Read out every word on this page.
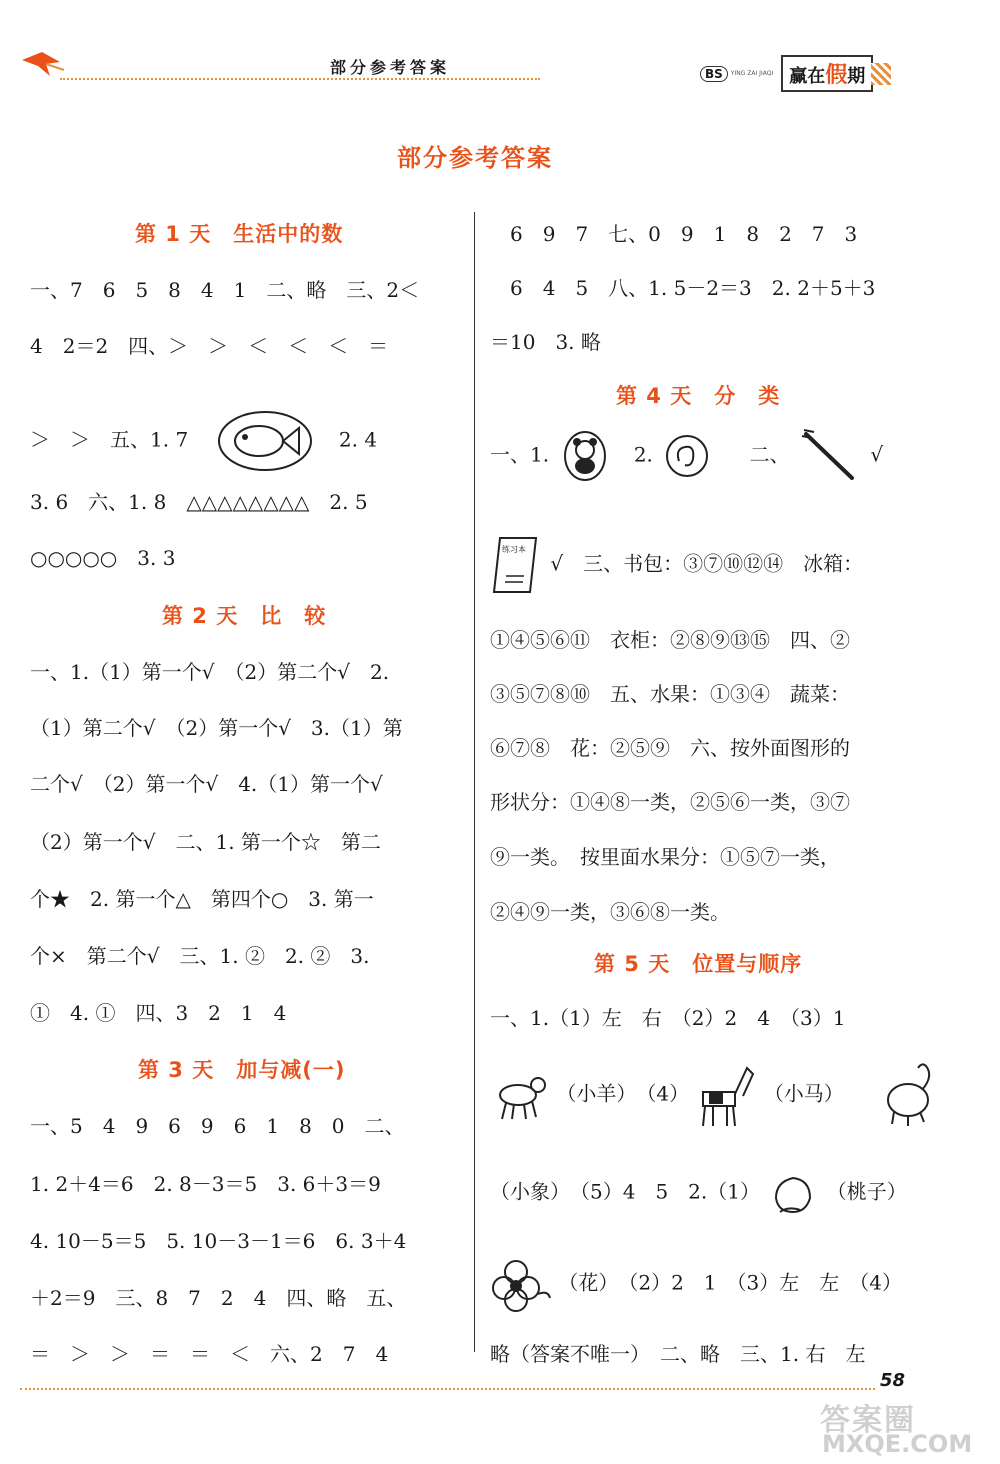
部分参考答案	BS	YING ZAI JIAQI 赢在假期
部分参考答案
第 1 天　生活中的数
一、7　6　5　8　4　1　二、略　三、2＜
4　2＝2　四、＞　＞　＜　＜　＜　＝
＞　＞　五、1. 7	2. 4
3. 6　六、1. 8　△△△△△△△△　2. 5
○○○○○　3. 3
第 2 天　比　较
一、1.（1）第一个√　（2）第二个√　2.
（1）第二个√　（2）第一个√　3.（1）第
二个√　（2）第一个√　4.（1）第一个√
（2）第一个√　二、1. 第一个☆　第二
个★　2. 第一个△　第四个○　3. 第一
个×　第二个√　三、1. ②　2. ②　3.
①　4. ①　四、3　2　1　4
第 3 天　加与减(一)
一、5　4　9　6　9　6　1　8　0　二、
1. 2＋4＝6　2. 8－3＝5　3. 6＋3＝9
4. 10－5＝5　5. 10－3－1＝6　6. 3＋4
＋2＝9　三、8　7　2　4　四、略　五、
＝　＞　＞　＝　＝　＜　六、2　7　4
6　9　7　七、0　9　1　8　2　7　3
6　4　5　八、1. 5－2＝3　2. 2＋5＋3
＝10　3. 略
第 4 天　分　类
一、1.	2.	二、	√
练习本
√　三、书包：③⑦⑩⑫⑭　冰箱：
①④⑤⑥⑪　衣柜：②⑧⑨⑬⑮　四、②
③⑤⑦⑧⑩　五、水果：①③④　蔬菜：
⑥⑦⑧　花：②⑤⑨　六、按外面图形的
形状分：①④⑧一类，②⑤⑥一类，③⑦
⑨一类。　按里面水果分：①⑤⑦一类，
②④⑨一类，③⑥⑧一类。
第 5 天　位置与顺序
一、1.（1）左　右　（2）2　4　（3）1
（小羊）　（4）	（小马）
（小象）　（5）4　5　2.（1）	（桃子）
（花）　（2）2　1　（3）左　左　（4）
略（答案不唯一）　二、略　三、1. 右　左
58
答案圈
MXQE.COM
